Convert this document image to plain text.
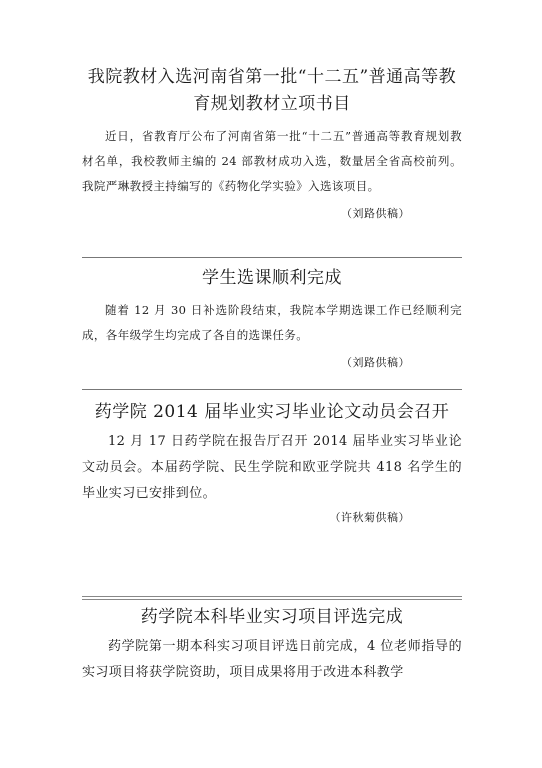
我院教材入选河南省第一批“十二五”普通高等教
育规划教材立项书目

近日，省教育厅公布了河南省第一批“十二五”普通高等教育规划教材名单，我校教师主编的 24 部教材成功入选，数量居全省高校前列。我院严琳教授主持编写的《药物化学实验》入选该项目。

（刘路供稿）

学生选课顺利完成

随着 12 月 30 日补选阶段结束，我院本学期选课工作已经顺利完成，各年级学生均完成了各自的选课任务。

（刘路供稿）

药学院 2014 届毕业实习毕业论文动员会召开

12 月 17 日药学院在报告厅召开 2014 届毕业实习毕业论文动员会。本届药学院、民生学院和欧亚学院共 418 名学生的毕业实习已安排到位。

（许秋菊供稿）

药学院本科毕业实习项目评选完成

药学院第一期本科实习项目评选日前完成，4 位老师指导的实习项目将获学院资助，项目成果将用于改进本科教学
